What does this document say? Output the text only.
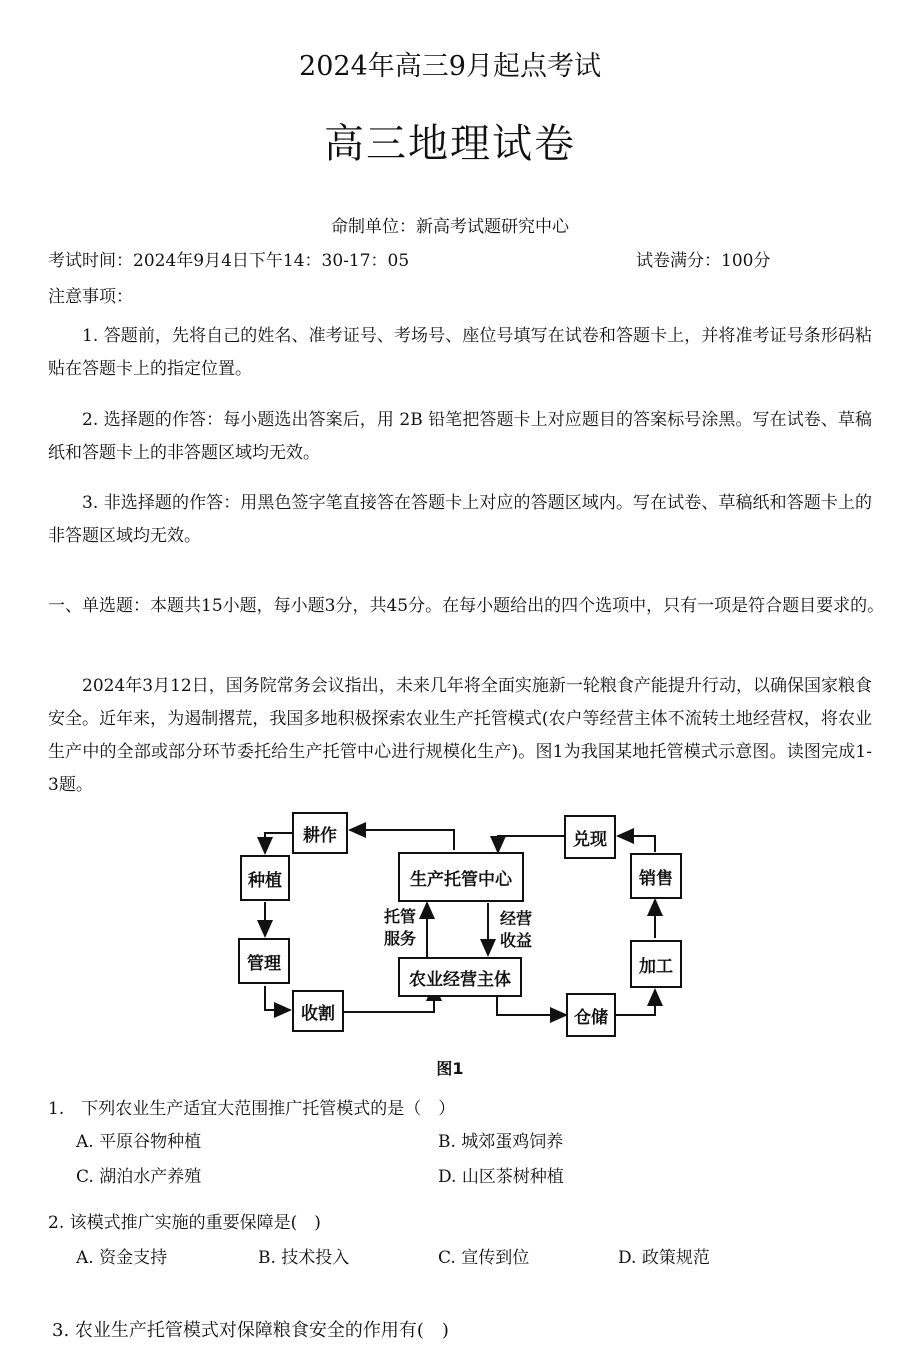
2024年高三9月起点考试
高三地理试卷
命制单位：新高考试题研究中心
考试时间：2024年9月4日下午14：30-17：05	试卷满分：100分
注意事项：
1. 答题前，先将自己的姓名、准考证号、考场号、座位号填写在试卷和答题卡上，并将准考证号条形码粘贴在答题卡上的指定位置。
2. 选择题的作答：每小题选出答案后，用 2B 铅笔把答题卡上对应题目的答案标号涂黑。写在试卷、草稿纸和答题卡上的非答题区域均无效。
3. 非选择题的作答：用黑色签字笔直接答在答题卡上对应的答题区域内。写在试卷、草稿纸和答题卡上的非答题区域均无效。
一、单选题：本题共15小题，每小题3分，共45分。在每小题给出的四个选项中，只有一项是符合题目要求的。
2024年3月12日，国务院常务会议指出，未来几年将全面实施新一轮粮食产能提升行动，以确保国家粮食安全。近年来，为遏制撂荒，我国多地积极探索农业生产托管模式(农户等经营主体不流转土地经营权，将农业生产中的全部或部分环节委托给生产托管中心进行规模化生产)。图1为我国某地托管模式示意图。读图完成1-3题。
耕作
种植
管理
收割
生产托管中心
农业经营主体
兑现
销售
加工
仓储
托管
服务
经营
收益
图1
1.　下列农业生产适宜大范围推广托管模式的是（　）
A. 平原谷物种植	B. 城郊蛋鸡饲养
C. 湖泊水产养殖	D. 山区茶树种植
2. 该模式推广实施的重要保障是(　)
A. 资金支持	B. 技术投入	C. 宣传到位	D. 政策规范
3. 农业生产托管模式对保障粮食安全的作用有(　)
